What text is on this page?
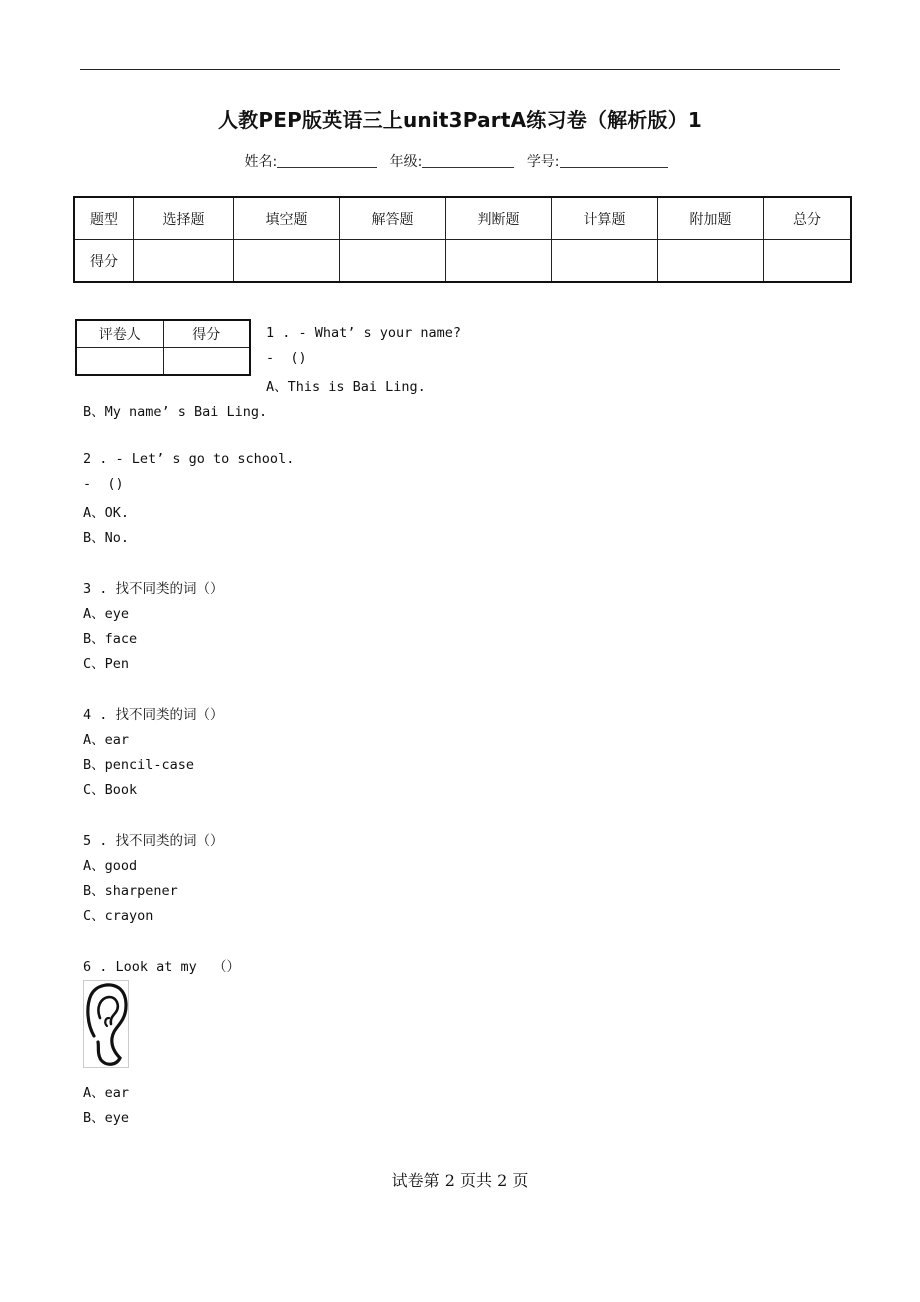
人教PEP版英语三上unit3PartA练习卷（解析版）1
姓名:	年级:	学号:
题型	选择题	填空题	解答题	判断题	计算题	附加题	总分
得分							
评卷人	得分
		1 . - What’ s your name?
-  ()
A、This is Bai Ling.
B、My name’ s Bai Ling.
2 . - Let’ s go to school.
-  ()
A、OK.
B、No.
3 . 找不同类的词（）
A、eye
B、face
C、Pen
4 . 找不同类的词（）
A、ear
B、pencil-case
C、Book
5 . 找不同类的词（）
A、good
B、sharpener
C、crayon
6 . Look at my  （）
A、ear
B、eye
试卷第 2 页共 2 页
